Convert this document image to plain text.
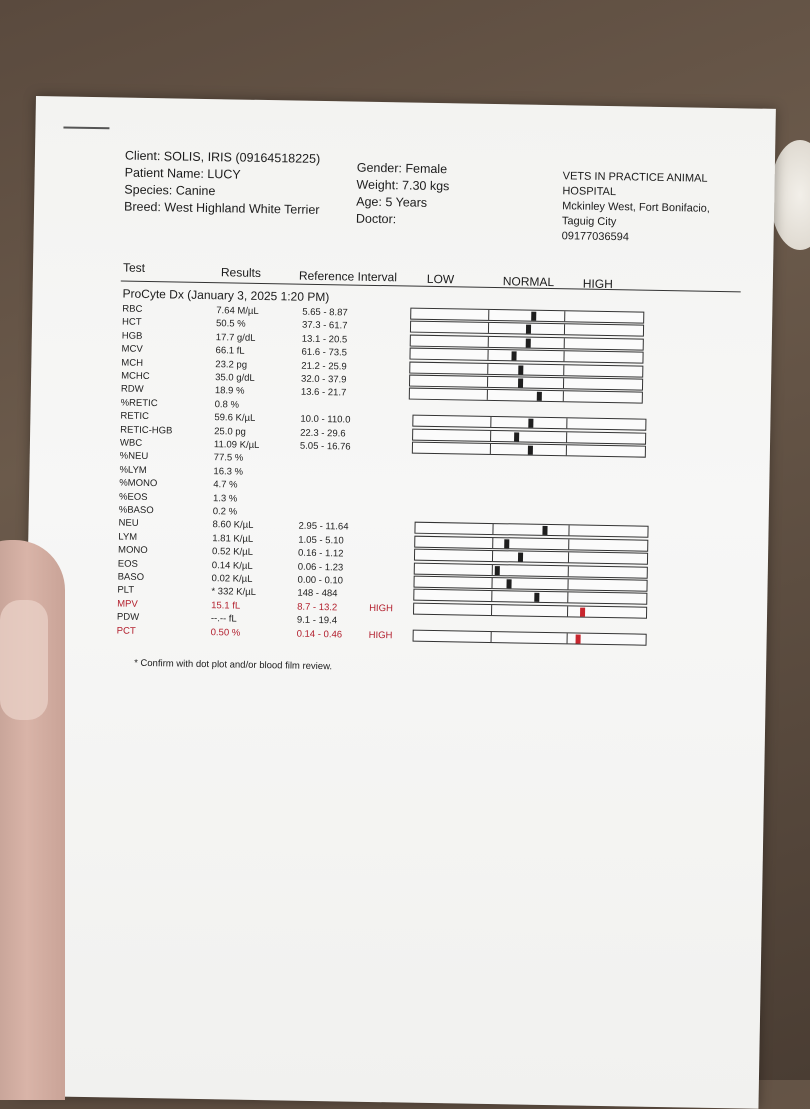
Client: SOLIS, IRIS (09164518225)
Patient Name: LUCY
Species: Canine
Breed: West Highland White Terrier
Gender: Female
Weight: 7.30 kgs
Age: 5 Years
Doctor:
VETS IN PRACTICE ANIMAL
HOSPITAL
Mckinley West, Fort Bonifacio,
Taguig City
09177036594
Test	Results	Reference Interval LOW	NORMAL HIGH
ProCyte Dx (January 3, 2025 1:20 PM)
RBC	7.64 M/µL	5.65 - 8.87
HCT	50.5 %	37.3 - 61.7
HGB	17.7 g/dL	13.1 - 20.5
MCV	66.1 fL	61.6 - 73.5
MCH	23.2 pg	21.2 - 25.9
MCHC	35.0 g/dL	32.0 - 37.9
RDW	18.9 %	13.6 - 21.7
%RETIC	0.8 %
RETIC	59.6 K/µL	10.0 - 110.0
RETIC-HGB	25.0 pg	22.3 - 29.6
WBC	11.09 K/µL	5.05 - 16.76
%NEU	77.5 %
%LYM	16.3 %
%MONO	4.7 %
%EOS	1.3 %
%BASO	0.2 %
NEU	8.60 K/µL	2.95 - 11.64
LYM	1.81 K/µL	1.05 - 5.10
MONO	0.52 K/µL	0.16 - 1.12
EOS	0.14 K/µL	0.06 - 1.23
BASO	0.02 K/µL	0.00 - 0.10
PLT	* 332 K/µL	148 - 484
MPV	15.1 fL	8.7 - 13.2	HIGH
PDW	--.-- fL	9.1 - 19.4
PCT	0.50 %	0.14 - 0.46	HIGH
* Confirm with dot plot and/or blood film review.
